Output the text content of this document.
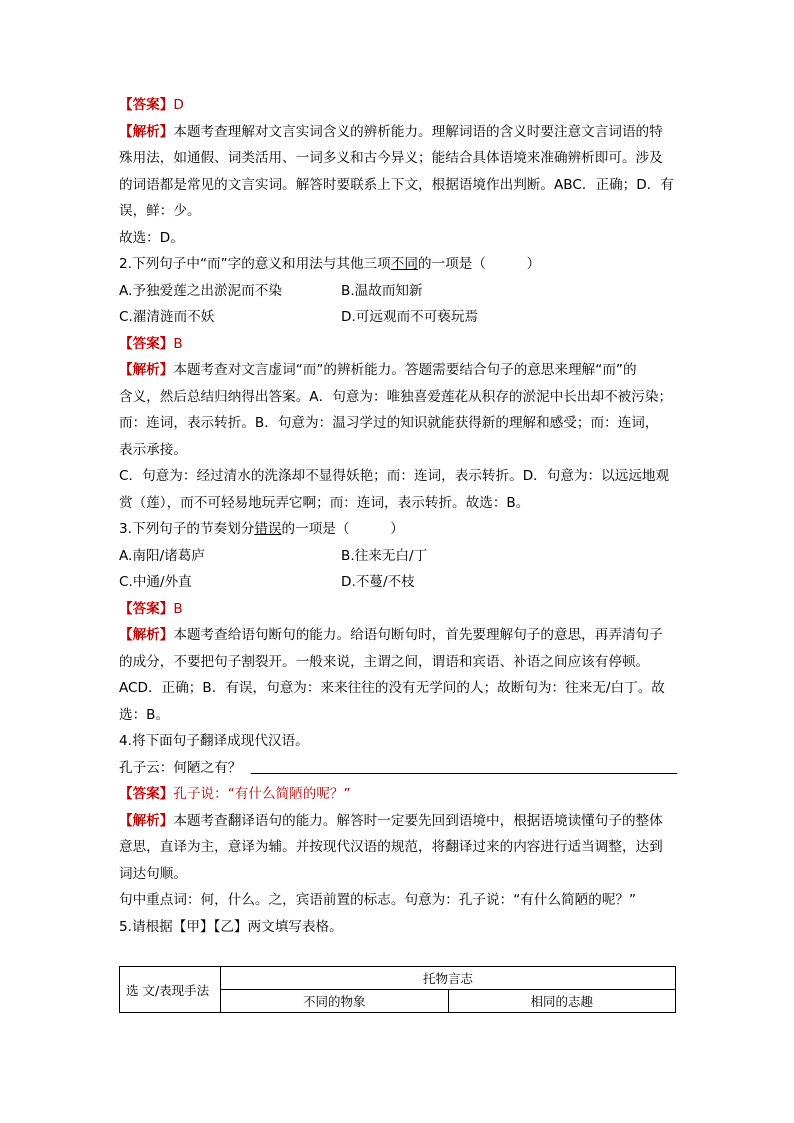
【答案】D
【解析】本题考查理解对文言实词含义的辨析能力。理解词语的含义时要注意文言词语的特
殊用法，如通假、词类活用、一词多义和古今异义；能结合具体语境来准确辨析即可。涉及
的词语都是常见的文言实词。解答时要联系上下文，根据语境作出判断。ABC．正确；D．有
误，鲜：少。
故选：D。
2.下列句子中“而”字的意义和用法与其他三项不同的一项是（　　　）
A.予独爱莲之出淤泥而不染	B.温故而知新
C.濯清涟而不妖	D.可远观而不可亵玩焉
【答案】B
【解析】本题考查对文言虚词“而”的辨析能力。答题需要结合句子的意思来理解“而”的
含义，然后总结归纳得出答案。A．句意为：唯独喜爱莲花从积存的淤泥中长出却不被污染；
而：连词，表示转折。B．句意为：温习学过的知识就能获得新的理解和感受；而：连词，
表示承接。
C．句意为：经过清水的洗涤却不显得妖艳；而：连词，表示转折。D．句意为：以远远地观
赏（莲），而不可轻易地玩弄它啊；而：连词，表示转折。故选：B。
3.下列句子的节奏划分错误的一项是（　　　）
A.南阳/诸葛庐	B.往来无白/丁
C.中通/外直	D.不蔓/不枝
【答案】B
【解析】本题考查给语句断句的能力。给语句断句时，首先要理解句子的意思，再弄清句子
的成分，不要把句子割裂开。一般来说，主谓之间，谓语和宾语、补语之间应该有停顿。
ACD．正确；B．有误，句意为：来来往往的没有无学问的人；故断句为：往来无/白丁。故
选：B。
4.将下面句子翻译成现代汉语。
孔子云：何陋之有？
【答案】孔子说：“有什么简陋的呢？”
【解析】本题考查翻译语句的能力。解答时一定要先回到语境中，根据语境读懂句子的整体
意思，直译为主，意译为辅。并按现代汉语的规范，将翻译过来的内容进行适当调整，达到
词达句顺。
句中重点词：何，什么。之，宾语前置的标志。句意为：孔子说：“有什么简陋的呢？”
5.请根据【甲】【乙】两文填写表格。
选 文/表现手法	托物言志	
	不同的物象	相同的志趣
